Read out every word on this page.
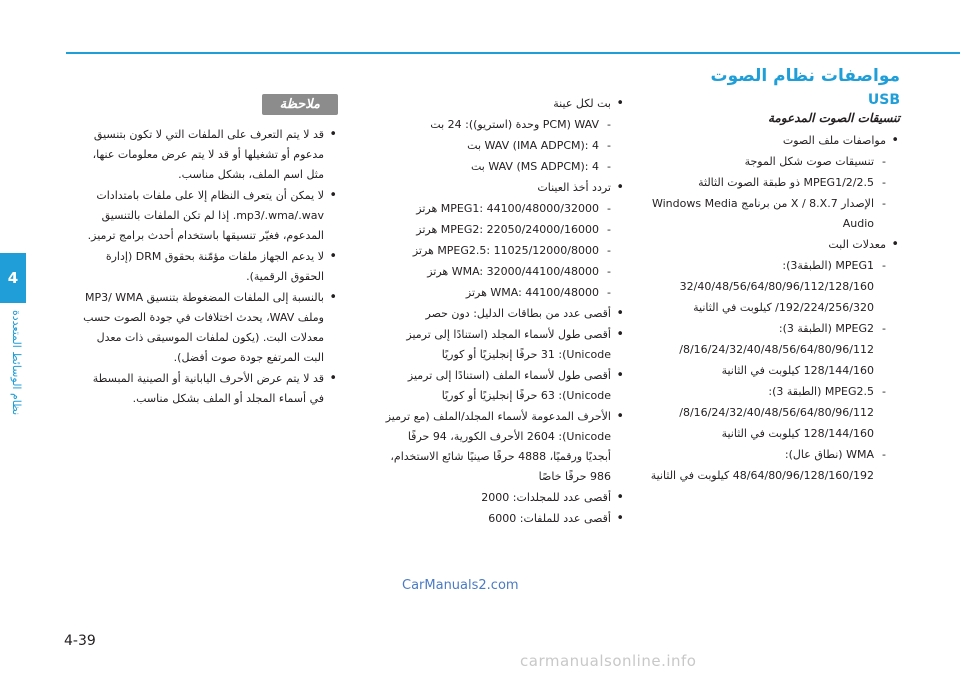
4
نظام الوسائط المتعددة
مواصفات نظام الصوت
USB
تنسيقات الصوت المدعومة
• مواصفات ملف الصوت
- تنسيقات صوت شكل الموجة
- MPEG1/2/2.5 ذو طبقة الصوت الثالثة
- الإصدار 7.X / 8.X من برنامج Windows Media Audio
• معدلات البت
- MPEG1 (الطبقة3):
32/40/48/56/64/80/96/112/128/160
192/224/256/320/ كيلوبت في الثانية
- MPEG2 (الطبقة 3):
8/16/24/32/40/48/56/64/80/96/112/
128/144/160 كيلوبت في الثانية
- MPEG2.5 (الطبقة 3):
8/16/24/32/40/48/56/64/80/96/112/
128/144/160 كيلوبت في الثانية
- WMA (نطاق عال):
48/64/80/96/128/160/192 كيلوبت في الثانية
• بت لكل عينة
- WAV (PCM وحدة (استريو)): 24 بت
- WAV (IMA ADPCM): 4 بت
- WAV (MS ADPCM): 4 بت
• تردد أخذ العينات
- MPEG1: 44100/48000/32000 هرتز
- MPEG2: 22050/24000/16000 هرتز
- MPEG2.5: 11025/12000/8000 هرتز
- WMA: 32000/44100/48000 هرتز
- WMA: 44100/48000 هرتز
• أقصى عدد من بطاقات الدليل: دون حصر
• أقصى طول لأسماء المجلد (استنادًا إلى ترميز Unicode): 31 حرفًا إنجليزيًا أو كوريًا
• أقصى طول لأسماء الملف (استنادًا إلى ترميز Unicode): 63 حرفًا إنجليزيًا أو كوريًا
• الأحرف المدعومة لأسماء المجلد/الملف (مع ترميز Unicode): 2604 الأحرف الكورية، 94 حرفًا أبجديًا ورقميًا، 4888 حرفًا صينيًا شائع الاستخدام، 986 حرفًا خاصًا
• أقصى عدد للمجلدات: 2000
• أقصى عدد للملفات: 6000
ملاحظة
• قد لا يتم التعرف على الملفات التي لا تكون بتنسيق مدعوم أو تشغيلها أو قد لا يتم عرض معلومات عنها، مثل اسم الملف، بشكل مناسب.
• لا يمكن أن يتعرف النظام إلا على ملفات بامتدادات mp3/.wma/.wav. إذا لم تكن الملفات بالتنسيق المدعوم، فغيّر تنسيقها باستخدام أحدث برامج ترميز.
• لا يدعم الجهاز ملفات مؤمّنة بحقوق DRM (إدارة الحقوق الرقمية).
• بالنسبة إلى الملفات المضغوطة بتنسيق MP3/ WMA وملف WAV، يحدث اختلافات في جودة الصوت حسب معدلات البت. (يكون لملفات الموسيقى ذات معدل البت المرتفع جودة صوت أفضل).
• قد لا يتم عرض الأحرف اليابانية أو الصينية المبسطة في أسماء المجلد أو الملف بشكل مناسب.
CarManuals2.com
4-39
carmanualsonline.info
